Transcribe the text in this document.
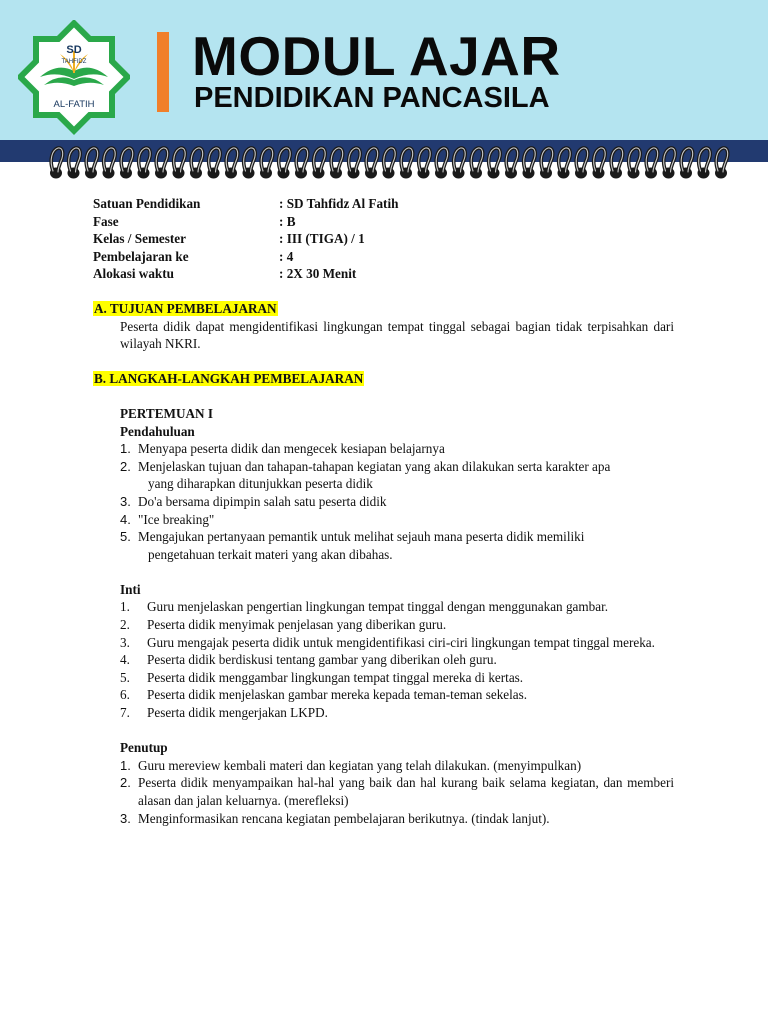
SD
TAHFIDZ
AL-FATIH
MODUL AJAR
PENDIDIKAN PANCASILA
Satuan Pendidikan	: SD Tahfidz Al Fatih
Fase	: B
Kelas / Semester	: III (TIGA) / 1
Pembelajaran ke	: 4
Alokasi waktu	: 2X 30 Menit
A. TUJUAN PEMBELAJARAN
Peserta didik dapat mengidentifikasi lingkungan tempat tinggal sebagai bagian tidak terpisahkan dari wilayah NKRI.
B. LANGKAH-LANGKAH PEMBELAJARAN
PERTEMUAN I
Pendahuluan
1. Menyapa peserta didik dan mengecek kesiapan belajarnya
2. Menjelaskan tujuan dan tahapan-tahapan kegiatan yang akan dilakukan serta karakter apa
yang diharapkan ditunjukkan peserta didik
3. Do'a bersama dipimpin salah satu peserta didik
4. "Ice breaking"
5. Mengajukan pertanyaan pemantik untuk melihat sejauh mana peserta didik memiliki
pengetahuan terkait materi yang akan dibahas.
Inti
1. Guru menjelaskan pengertian lingkungan tempat tinggal dengan menggunakan gambar.
2. Peserta didik menyimak penjelasan yang diberikan guru.
3. Guru mengajak peserta didik untuk mengidentifikasi ciri-ciri lingkungan tempat tinggal mereka.
4. Peserta didik berdiskusi tentang gambar yang diberikan oleh guru.
5. Peserta didik menggambar lingkungan tempat tinggal mereka di kertas.
6. Peserta didik menjelaskan gambar mereka kepada teman-teman sekelas.
7. Peserta didik mengerjakan LKPD.
Penutup
1. Guru mereview kembali materi dan kegiatan yang telah dilakukan. (menyimpulkan)
2. Peserta didik menyampaikan hal-hal yang baik dan hal kurang baik selama kegiatan, dan memberi alasan dan jalan keluarnya. (merefleksi)
3. Menginformasikan rencana kegiatan pembelajaran berikutnya. (tindak lanjut).
